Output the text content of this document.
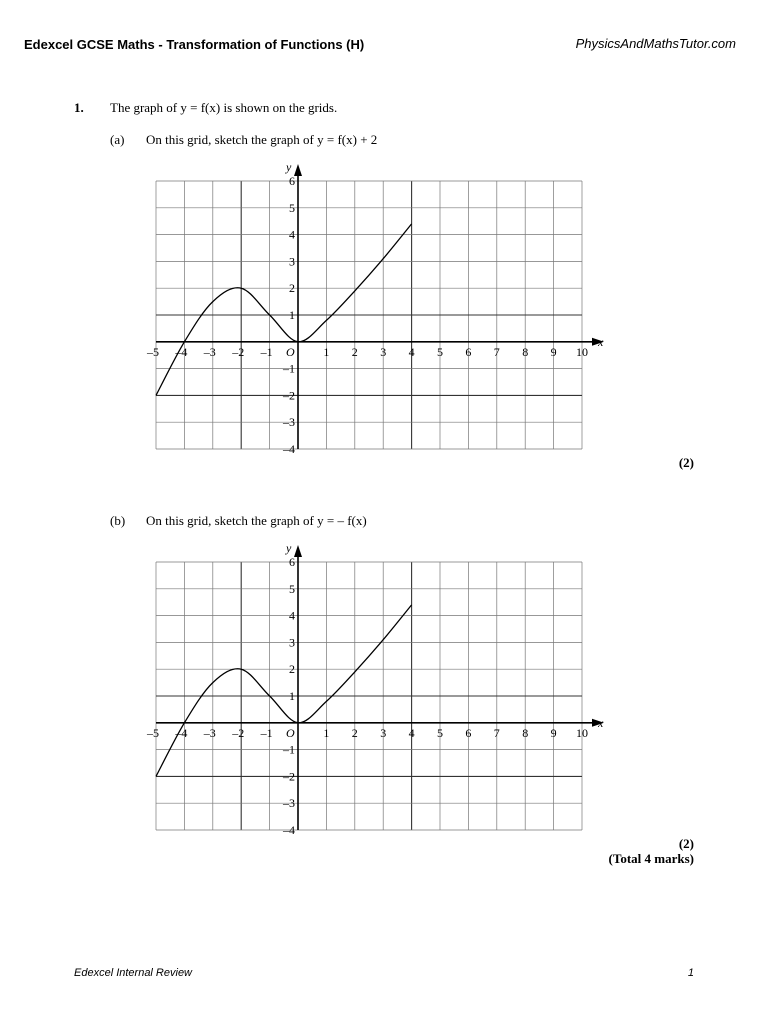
Edexcel GCSE Maths - Transformation of Functions (H)	PhysicsAndMathsTutor.com
1. The graph of y = f(x) is shown on the grids.
(a) On this grid, sketch the graph of y = f(x) + 2
x
y
O
–5 –4 –3 –2 –1	1 2 3 4 5 6 7 8 9 10
–4
–3
–2
–1
1
2
3
4
5
6
(2)
(b) On this grid, sketch the graph of y = – f(x)
x
y
O
–5 –4 –3 –2 –1	1 2 3 4 5 6 7 8 9 10
–4
–3
–2
–1
1
2
3
4
5
6
(2)
(Total 4 marks)
Edexcel Internal Review	1
